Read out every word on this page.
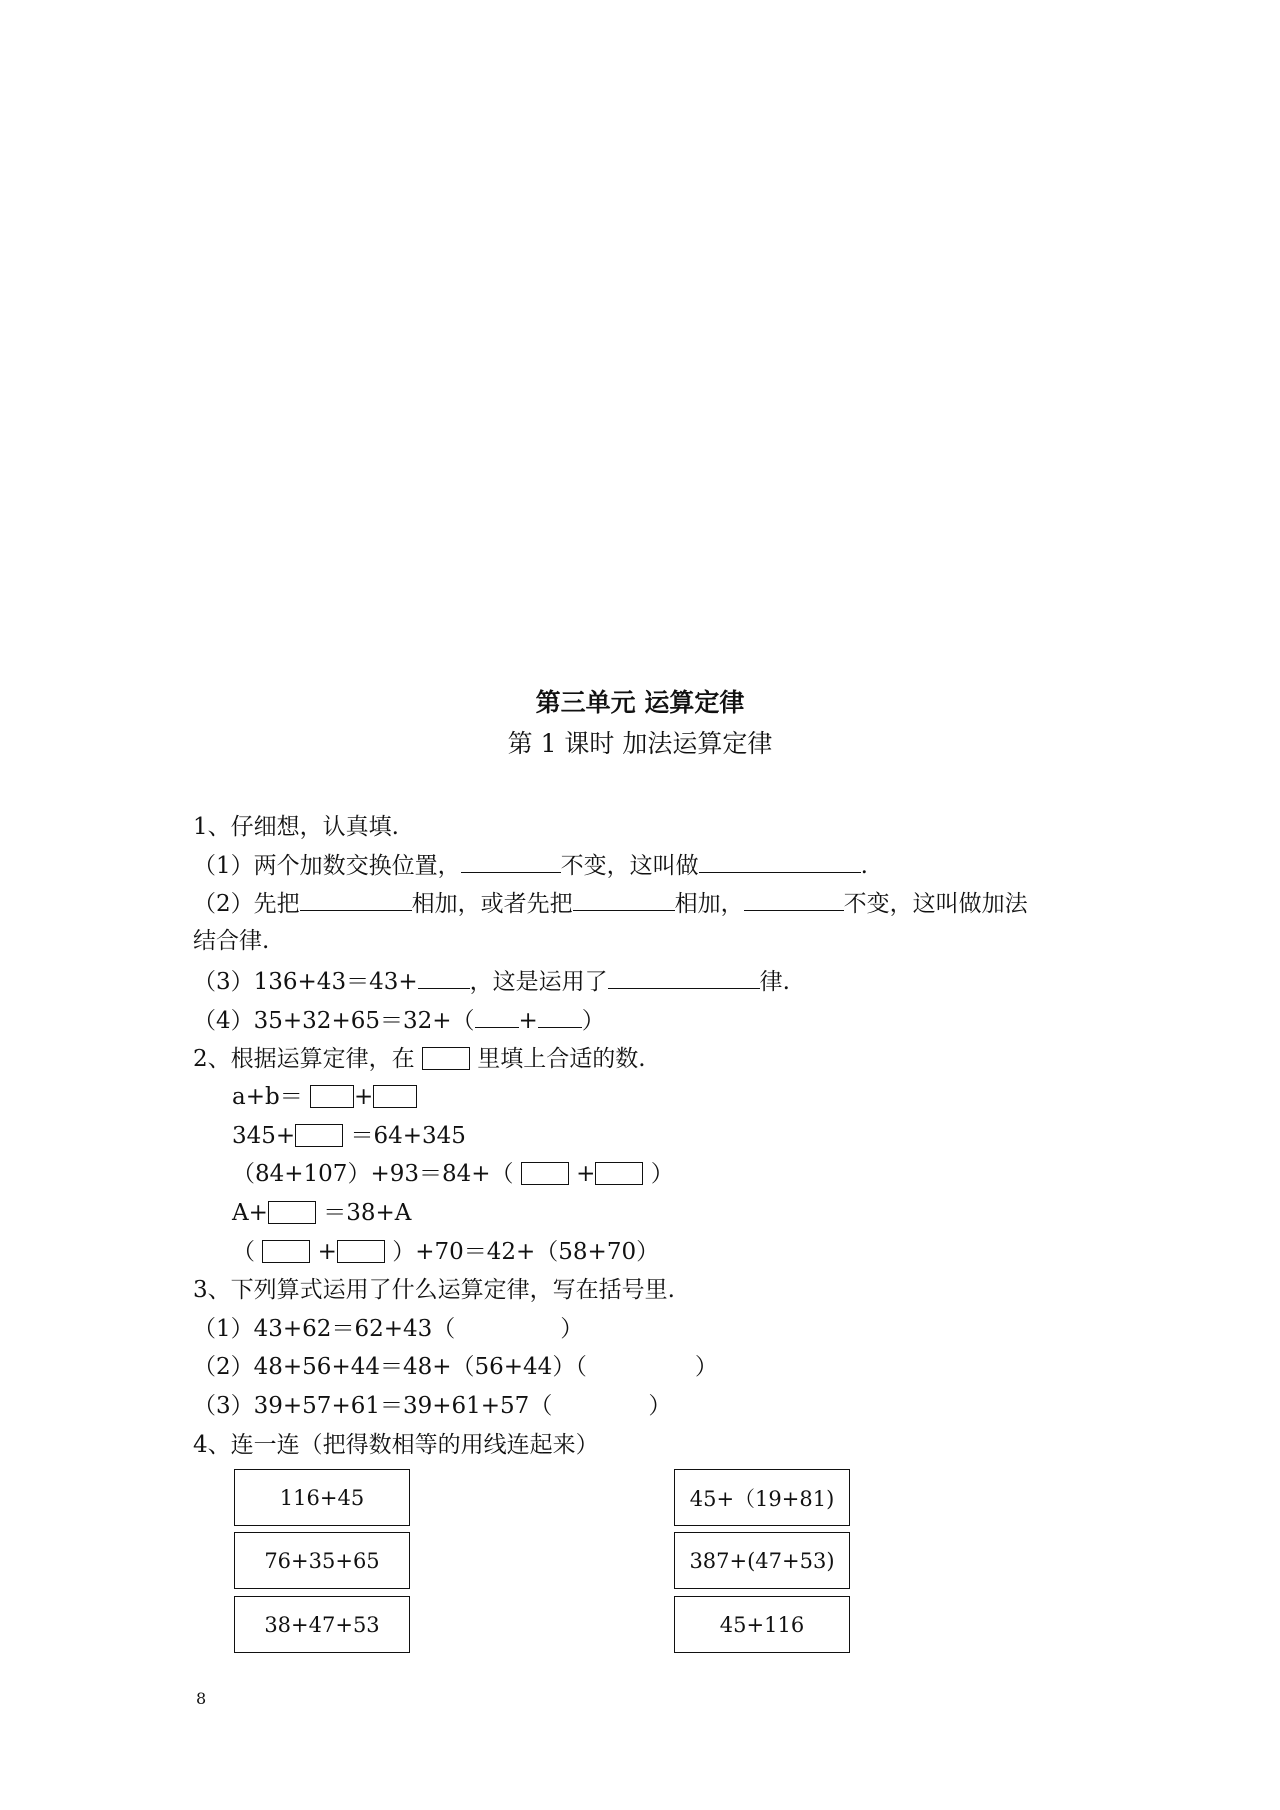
第三单元 运算定律
第 1 课时 加法运算定律
1、仔细想，认真填.
（1）两个加数交换位置，	不变，这叫做	.
（2）先把	相加，或者先把	相加，	不变，这叫做加法
结合律.
（3）136+43＝43+ ，这是运用了	律.
（4）35+32+65＝32+（ + ）
2、根据运算定律，在	里填上合适的数.
a+b＝ +
345+ ＝64+345
（84+107）+93＝84+（	+ ）
A+ ＝38+A
（	+ ）+70＝42+（58+70）
3、下列算式运用了什么运算定律，写在括号里.
（1）43+62＝62+43（	）
（2）48+56+44＝48+（56+44）（	）
（3）39+57+61＝39+61+57（	）
4、连一连（把得数相等的用线连起来）
116+45
76+35+65
38+47+53
45+（19+81)
387+(47+53)
45+116
8
